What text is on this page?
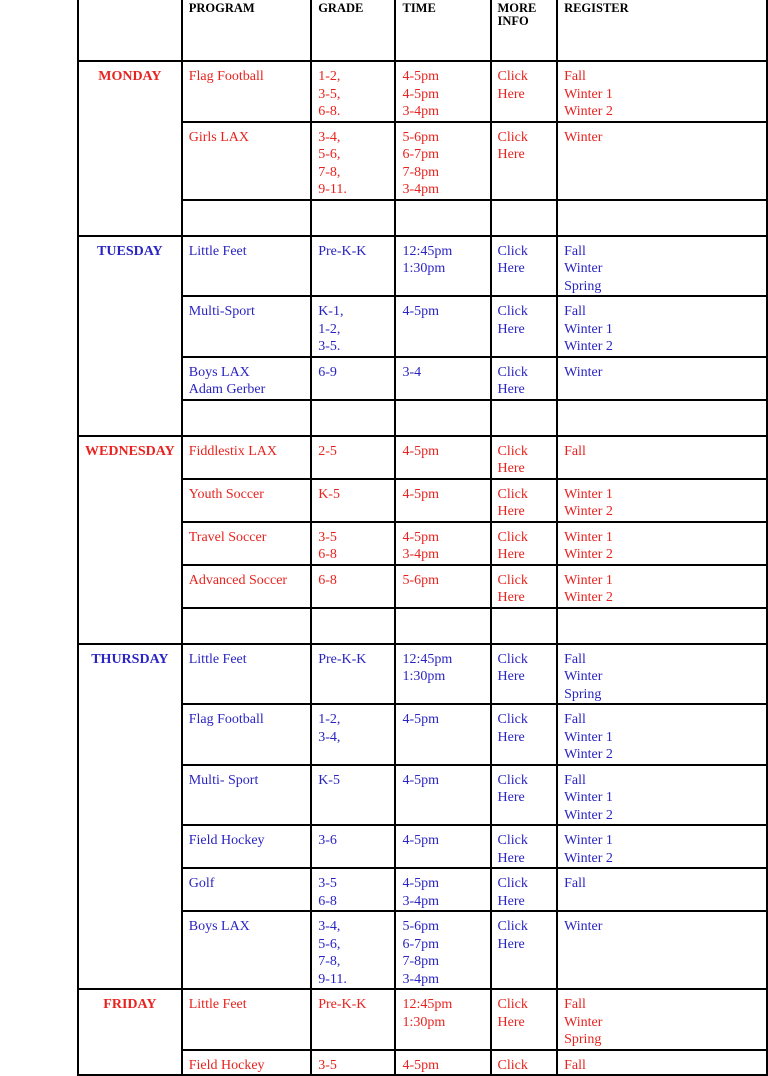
	PROGRAM	GRADE	TIME	MORE
INFO	REGISTER
MONDAY	Flag Football	1-2,
3-5,
6-8.	4-5pm
4-5pm
3-4pm	Click
Here	Fall
Winter 1
Winter 2

	Girls LAX	3-4,
5-6,
7-8,
9-11.	5-6pm
6-7pm
7-8pm
3-4pm	Click
Here	Winter

TUESDAY	Little Feet	Pre-K-K	12:45pm
1:30pm	Click
Here	Fall
Winter
Spring

	Multi-Sport	K-1,
1-2,
3-5.	4-5pm	Click
Here	Fall
Winter 1
Winter 2

	Boys LAX
Adam Gerber	6-9	3-4	Click
Here	Winter

WEDNESDAY	Fiddlestix LAX	2-5	4-5pm	Click
Here	Fall

	Youth Soccer	K-5	4-5pm	Click
Here	Winter 1
Winter 2

	Travel Soccer	3-5
6-8	4-5pm
3-4pm	Click
Here	Winter 1
Winter 2

	Advanced Soccer	6-8	5-6pm	Click
Here	Winter 1
Winter 2

THURSDAY	Little Feet	Pre-K-K	12:45pm
1:30pm	Click
Here	Fall
Winter
Spring

	Flag Football	1-2,
3-4,	4-5pm	Click
Here	Fall
Winter 1
Winter 2

	Multi- Sport	K-5	4-5pm	Click
Here	Fall
Winter 1
Winter 2

	Field Hockey	3-6	4-5pm	Click
Here	Winter 1
Winter 2

	Golf	3-5
6-8	4-5pm
3-4pm	Click
Here	Fall

	Boys LAX	3-4,
5-6,
7-8,
9-11.	5-6pm
6-7pm
7-8pm
3-4pm	Click
Here	Winter

FRIDAY	Little Feet	Pre-K-K	12:45pm
1:30pm	Click
Here	Fall
Winter
Spring

	Field Hockey	3-5	4-5pm	Click	Fall
